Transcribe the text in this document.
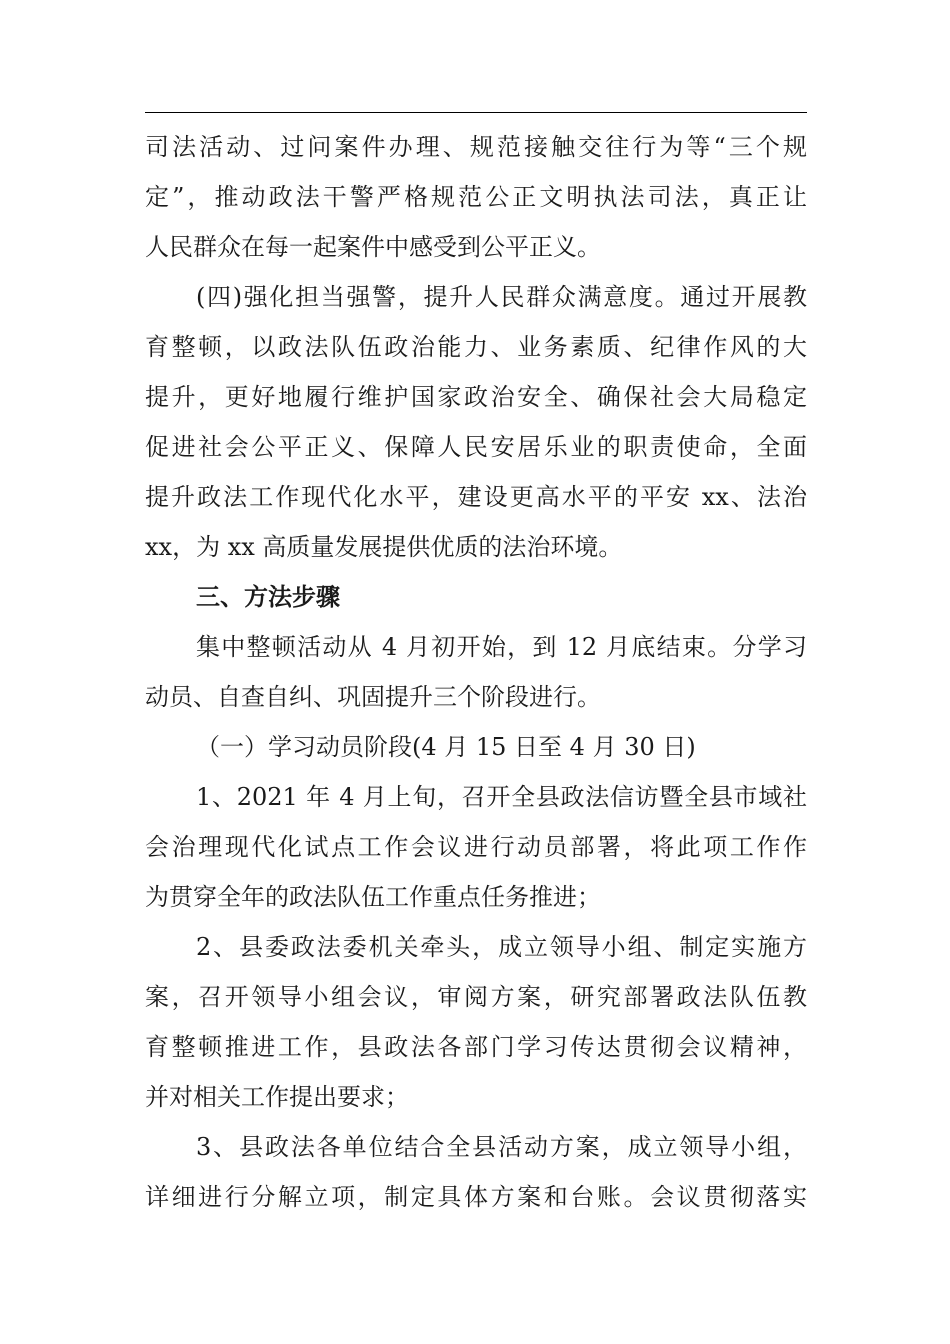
司法活动、过问案件办理、规范接触交往行为等“三个规
定”，推动政法干警严格规范公正文明执法司法，真正让
人民群众在每一起案件中感受到公平正义。
(四)强化担当强警，提升人民群众满意度。通过开展教
育整顿，以政法队伍政治能力、业务素质、纪律作风的大
提升，更好地履行维护国家政治安全、确保社会大局稳定
促进社会公平正义、保障人民安居乐业的职责使命，全面
提升政法工作现代化水平，建设更高水平的平安 xx、法治
xx，为 xx 高质量发展提供优质的法治环境。
三、方法步骤
集中整顿活动从 4 月初开始，到 12 月底结束。分学习
动员、自查自纠、巩固提升三个阶段进行。
（一）学习动员阶段(4 月 15 日至 4 月 30 日)
1、2021 年 4 月上旬，召开全县政法信访暨全县市域社
会治理现代化试点工作会议进行动员部署，将此项工作作
为贯穿全年的政法队伍工作重点任务推进；
2、县委政法委机关牵头，成立领导小组、制定实施方
案，召开领导小组会议，审阅方案，研究部署政法队伍教
育整顿推进工作，县政法各部门学习传达贯彻会议精神，
并对相关工作提出要求；
3、县政法各单位结合全县活动方案，成立领导小组，
详细进行分解立项，制定具体方案和台账。会议贯彻落实
